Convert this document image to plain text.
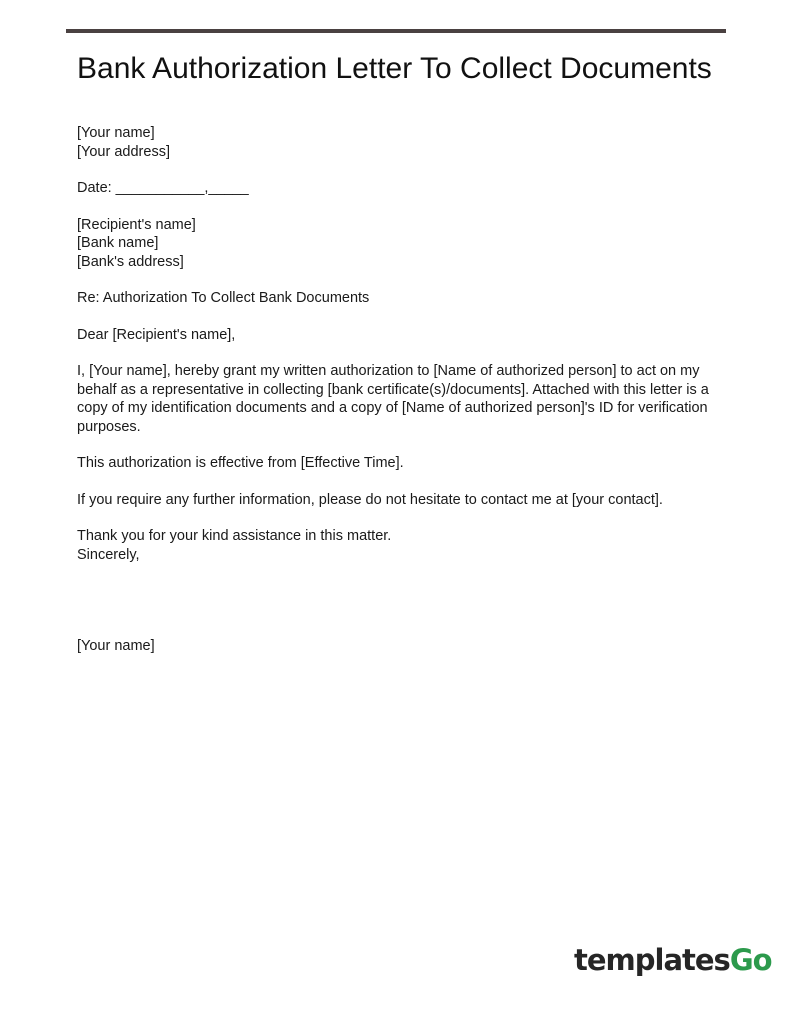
Bank Authorization Letter To Collect Documents
[Your name]
[Your address]
Date: ___________,_____
[Recipient's name]
[Bank name]
[Bank's address]

Re: Authorization To Collect Bank Documents

Dear [Recipient's name],

I, [Your name], hereby grant my written authorization to [Name of authorized person] to act on my behalf as a representative in collecting [bank certificate(s)/documents]. Attached with this letter is a copy of my identification documents and a copy of [Name of authorized person]'s ID for verification purposes.

This authorization is effective from [Effective Time].

If you require any further information, please do not hesitate to contact me at [your contact].

Thank you for your kind assistance in this matter.
Sincerely,
[Your name]
templatesGo
